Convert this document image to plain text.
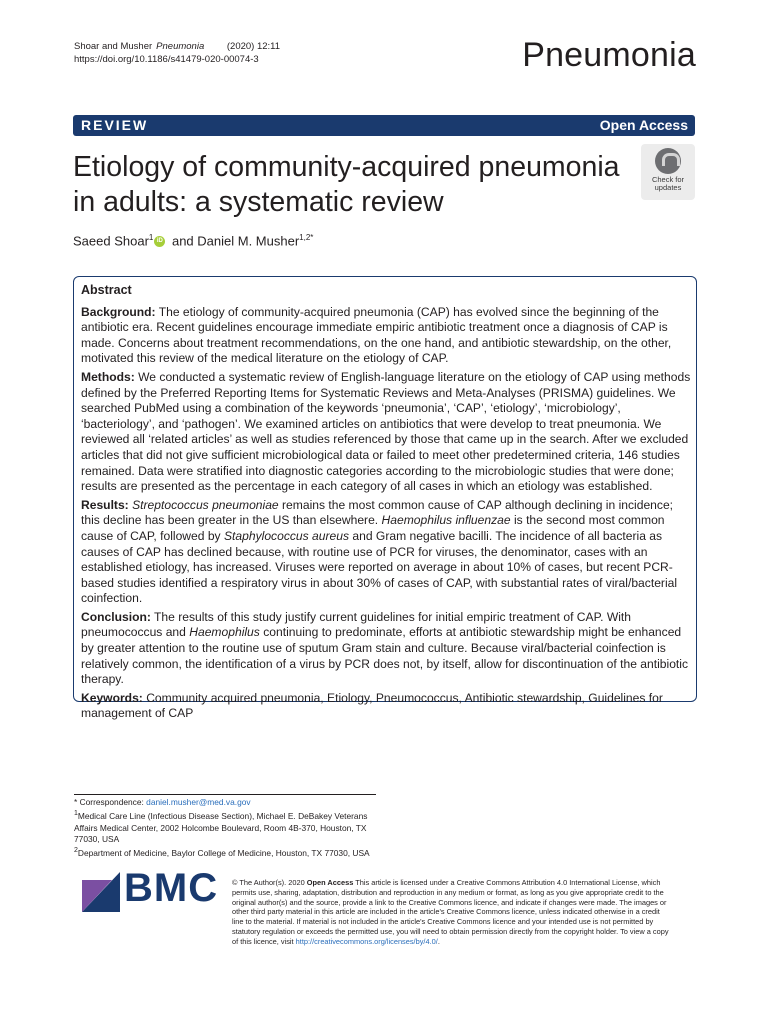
Shoar and Musher Pneumonia (2020) 12:11
https://doi.org/10.1186/s41479-020-00074-3	Pneumonia
REVIEW	Open Access
Etiology of community-acquired pneumonia in adults: a systematic review
Check for
updates
Saeed Shoar$^1$ iD and Daniel M. Musher$^{1,2*}$
Abstract

Background: The etiology of community-acquired pneumonia (CAP) has evolved since the beginning of the antibiotic era. Recent guidelines encourage immediate empiric antibiotic treatment once a diagnosis of CAP is made. Concerns about treatment recommendations, on the one hand, and antibiotic stewardship, on the other, motivated this review of the medical literature on the etiology of CAP.

Methods: We conducted a systematic review of English-language literature on the etiology of CAP using methods defined by the Preferred Reporting Items for Systematic Reviews and Meta-Analyses (PRISMA) guidelines. We searched PubMed using a combination of the keywords ‘pneumonia’, ‘CAP’, ‘etiology’, ‘microbiology’, ‘bacteriology’, and ‘pathogen’. We examined articles on antibiotics that were develop to treat pneumonia. We reviewed all ‘related articles’ as well as studies referenced by those that came up in the search. After we excluded articles that did not give sufficient microbiological data or failed to meet other predetermined criteria, 146 studies remained. Data were stratified into diagnostic categories according to the microbiologic studies that were done; results are presented as the percentage in each category of all cases in which an etiology was established.

Results: Streptococcus pneumoniae remains the most common cause of CAP although declining in incidence; this decline has been greater in the US than elsewhere. Haemophilus influenzae is the second most common cause of CAP, followed by Staphylococcus aureus and Gram negative bacilli. The incidence of all bacteria as causes of CAP has declined because, with routine use of PCR for viruses, the denominator, cases with an established etiology, has increased. Viruses were reported on average in about 10% of cases, but recent PCR-based studies identified a respiratory virus in about 30% of cases of CAP, with substantial rates of viral/bacterial coinfection.

Conclusion: The results of this study justify current guidelines for initial empiric treatment of CAP. With pneumococcus and Haemophilus continuing to predominate, efforts at antibiotic stewardship might be enhanced by greater attention to the routine use of sputum Gram stain and culture. Because viral/bacterial coinfection is relatively common, the identification of a virus by PCR does not, by itself, allow for discontinuation of the antibiotic therapy.

Keywords: Community acquired pneumonia, Etiology, Pneumococcus, Antibiotic stewardship, Guidelines for management of CAP

* Correspondence: daniel.musher@med.va.gov
$^1$Medical Care Line (Infectious Disease Section), Michael E. DeBakey Veterans Affairs Medical Center, 2002 Holcombe Boulevard, Room 4B-370, Houston, TX 77030, USA
$^2$Department of Medicine, Baylor College of Medicine, Houston, TX 77030, USA
BMC © The Author(s). 2020 Open Access This article is licensed under a Creative Commons Attribution 4.0 International License, which permits use, sharing, adaptation, distribution and reproduction in any medium or format, as long as you give appropriate credit to the original author(s) and the source, provide a link to the Creative Commons licence, and indicate if changes were made. The images or other third party material in this article are included in the article's Creative Commons licence, unless indicated otherwise in a credit line to the material. If material is not included in the article's Creative Commons licence and your intended use is not permitted by statutory regulation or exceeds the permitted use, you will need to obtain permission directly from the copyright holder. To view a copy of this licence, visit http://creativecommons.org/licenses/by/4.0/.
